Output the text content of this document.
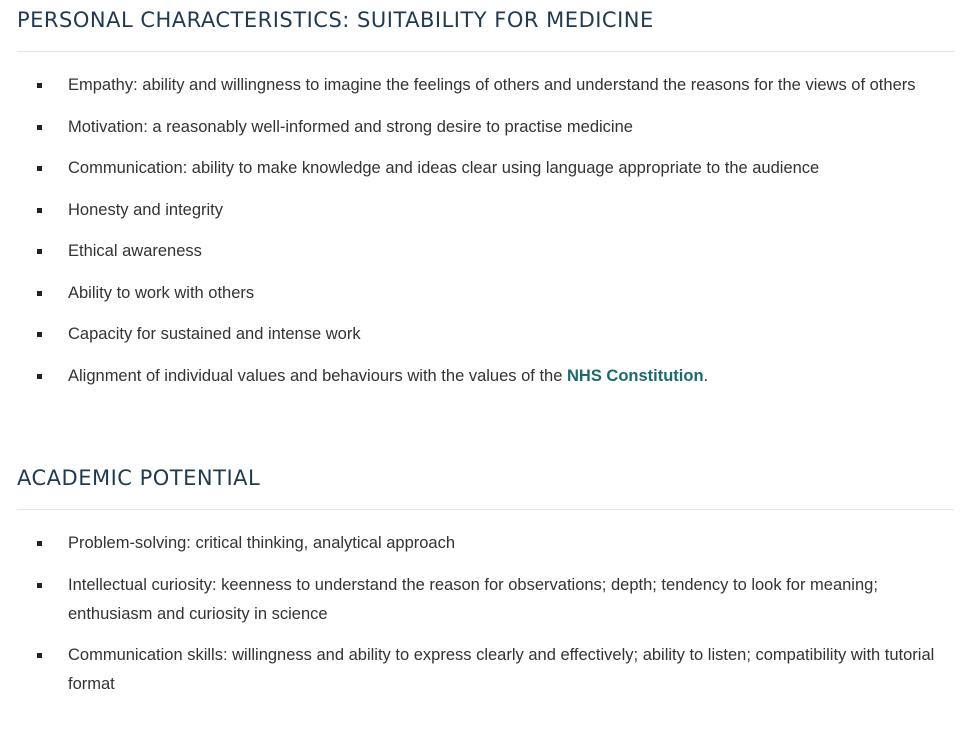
PERSONAL CHARACTERISTICS: SUITABILITY FOR MEDICINE
Empathy: ability and willingness to imagine the feelings of others and understand the reasons for the views of others
Motivation: a reasonably well-informed and strong desire to practise medicine
Communication: ability to make knowledge and ideas clear using language appropriate to the audience
Honesty and integrity
Ethical awareness
Ability to work with others
Capacity for sustained and intense work
Alignment of individual values and behaviours with the values of the NHS Constitution.
ACADEMIC POTENTIAL
Problem-solving: critical thinking, analytical approach
Intellectual curiosity: keenness to understand the reason for observations; depth; tendency to look for meaning; enthusiasm and curiosity in science
Communication skills: willingness and ability to express clearly and effectively; ability to listen; compatibility with tutorial format
